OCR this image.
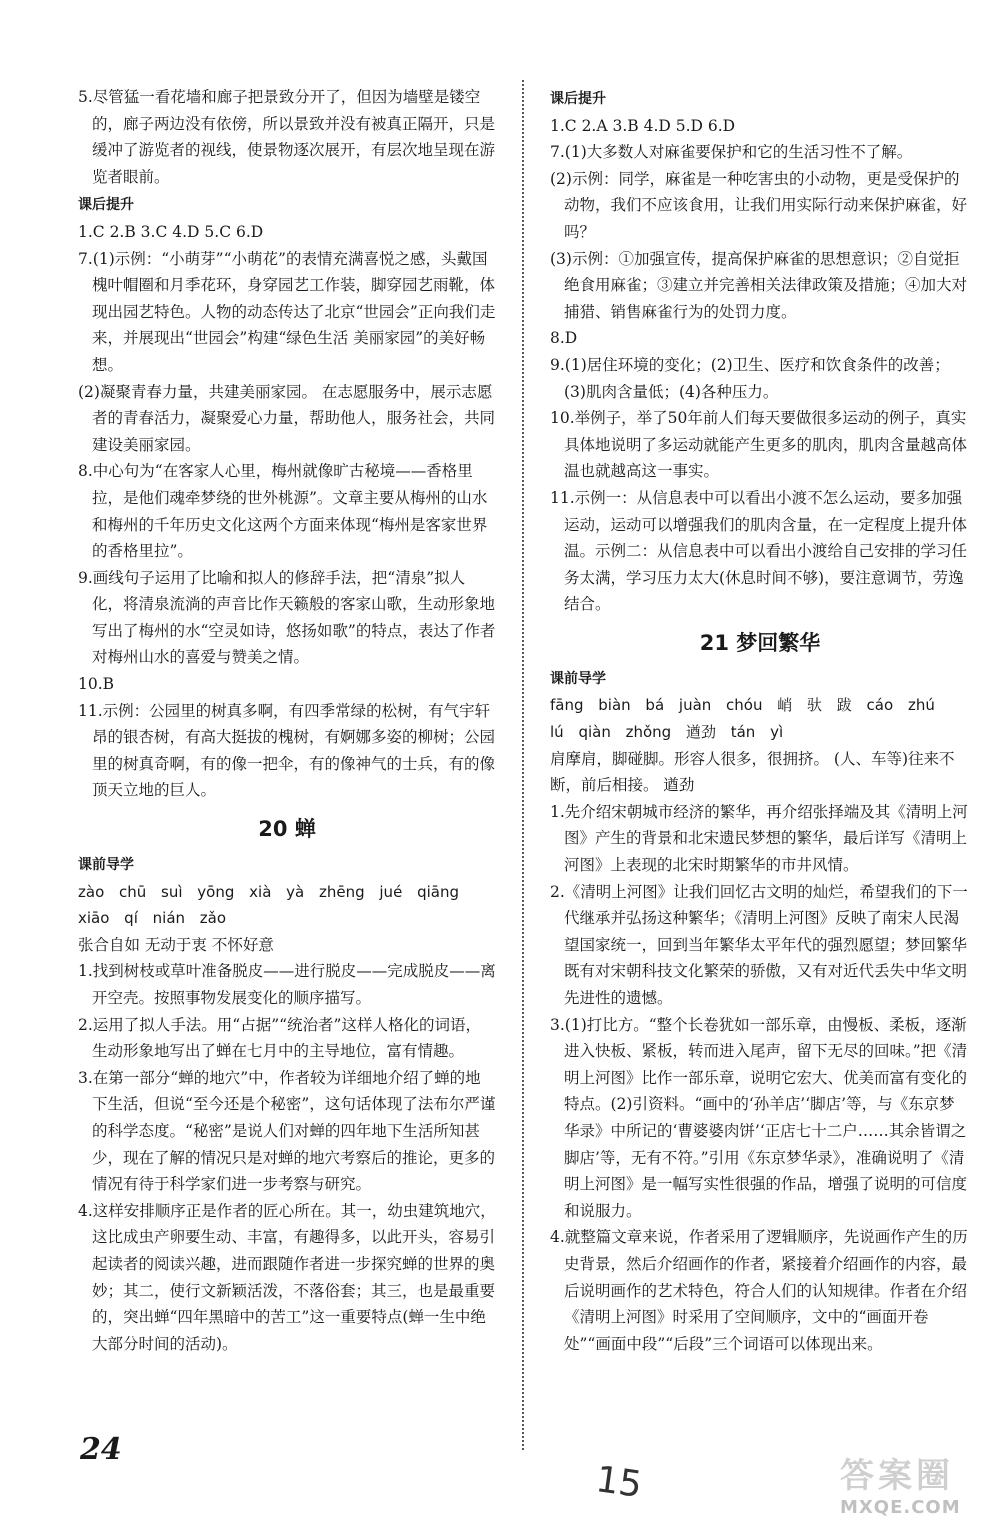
5.尽管猛一看花墙和廊子把景致分开了，但因为墙壁是镂空的，廊子两边没有依傍，所以景致并没有被真正隔开，只是缓冲了游览者的视线，使景物逐次展开，有层次地呈现在游览者眼前。

课后提升

1.C 2.B 3.C 4.D 5.C 6.D

7.(1)示例：“小萌芽”“小萌花”的表情充满喜悦之感，头戴国槐叶帽圈和月季花环，身穿园艺工作装，脚穿园艺雨靴，体现出园艺特色。人物的动态传达了北京“世园会”正向我们走来，并展现出“世园会”构建“绿色生活 美丽家园”的美好畅想。

(2)凝聚青春力量，共建美丽家园。 在志愿服务中，展示志愿者的青春活力，凝聚爱心力量，帮助他人，服务社会，共同建设美丽家园。

8.中心句为“在客家人心里，梅州就像旷古秘境——香格里拉，是他们魂牵梦绕的世外桃源”。文章主要从梅州的山水和梅州的千年历史文化这两个方面来体现“梅州是客家世界的香格里拉”。

9.画线句子运用了比喻和拟人的修辞手法，把“清泉”拟人化，将清泉流淌的声音比作天籁般的客家山歌，生动形象地写出了梅州的水“空灵如诗，悠扬如歌”的特点，表达了作者对梅州山水的喜爱与赞美之情。

10.B

11.示例：公园里的树真多啊，有四季常绿的松树，有气宇轩昂的银杏树，有高大挺拔的槐树，有婀娜多姿的柳树；公园里的树真奇啊，有的像一把伞，有的像神气的士兵，有的像顶天立地的巨人。

20 蝉

课前导学

zào chū suì yōng xià yà zhēng jué qiāng

xiāo qí nián zǎo

张合自如 无动于衷 不怀好意

1.找到树枝或草叶准备脱皮——进行脱皮——完成脱皮——离开空壳。按照事物发展变化的顺序描写。

2.运用了拟人手法。用“占据”“统治者”这样人格化的词语，生动形象地写出了蝉在七月中的主导地位，富有情趣。

3.在第一部分“蝉的地穴”中，作者较为详细地介绍了蝉的地下生活，但说“至今还是个秘密”，这句话体现了法布尔严谨的科学态度。“秘密”是说人们对蝉的四年地下生活所知甚少，现在了解的情况只是对蝉的地穴考察后的推论，更多的情况有待于科学家们进一步考察与研究。

4.这样安排顺序正是作者的匠心所在。其一，幼虫建筑地穴，这比成虫产卵要生动、丰富，有趣得多，以此开头，容易引起读者的阅读兴趣，进而跟随作者进一步探究蝉的世界的奥妙；其二，使行文新颖活泼，不落俗套；其三，也是最重要的，突出蝉“四年黑暗中的苦工”这一重要特点(蝉一生中绝大部分时间的活动)。

课后提升

1.C 2.A 3.B 4.D 5.D 6.D

7.(1)大多数人对麻雀要保护和它的生活习性不了解。

(2)示例：同学，麻雀是一种吃害虫的小动物，更是受保护的动物，我们不应该食用，让我们用实际行动来保护麻雀，好吗？

(3)示例：①加强宣传，提高保护麻雀的思想意识；②自觉拒绝食用麻雀；③建立并完善相关法律政策及措施；④加大对捕猎、销售麻雀行为的处罚力度。

8.D

9.(1)居住环境的变化；(2)卫生、医疗和饮食条件的改善；(3)肌肉含量低；(4)各种压力。

10.举例子，举了50年前人们每天要做很多运动的例子，真实具体地说明了多运动就能产生更多的肌肉，肌肉含量越高体温也就越高这一事实。

11.示例一：从信息表中可以看出小渡不怎么运动，要多加强运动，运动可以增强我们的肌肉含量，在一定程度上提升体温。示例二：从信息表中可以看出小渡给自己安排的学习任务太满，学习压力太大(休息时间不够)，要注意调节，劳逸结合。

21 梦回繁华

课前导学

fāng biàn bá juàn chóu 峭 驮 跋 cáo zhú

lú qiàn zhǒng 遒劲 tán yì

肩摩肩，脚碰脚。形容人很多，很拥挤。 (人、车等)往来不断，前后相接。 遒劲

1.先介绍宋朝城市经济的繁华，再介绍张择端及其《清明上河图》产生的背景和北宋遗民梦想的繁华，最后详写《清明上河图》上表现的北宋时期繁华的市井风情。

2.《清明上河图》让我们回忆古文明的灿烂，希望我们的下一代继承并弘扬这种繁华；《清明上河图》反映了南宋人民渴望国家统一，回到当年繁华太平年代的强烈愿望；梦回繁华既有对宋朝科技文化繁荣的骄傲，又有对近代丢失中华文明先进性的遗憾。

3.(1)打比方。“整个长卷犹如一部乐章，由慢板、柔板，逐渐进入快板、紧板，转而进入尾声，留下无尽的回味。”把《清明上河图》比作一部乐章，说明它宏大、优美而富有变化的特点。(2)引资料。“画中的‘孙羊店’‘脚店’等，与《东京梦华录》中所记的‘曹婆婆肉饼’‘正店七十二户……其余皆谓之脚店’等，无有不符。”引用《东京梦华录》，准确说明了《清明上河图》是一幅写实性很强的作品，增强了说明的可信度和说服力。

4.就整篇文章来说，作者采用了逻辑顺序，先说画作产生的历史背景，然后介绍画作的作者，紧接着介绍画作的内容，最后说明画作的艺术特色，符合人们的认知规律。作者在介绍《清明上河图》时采用了空间顺序，文中的“画面开卷处”“画面中段”“后段”三个词语可以体现出来。

24
15	答案圈
MXQE.COM
